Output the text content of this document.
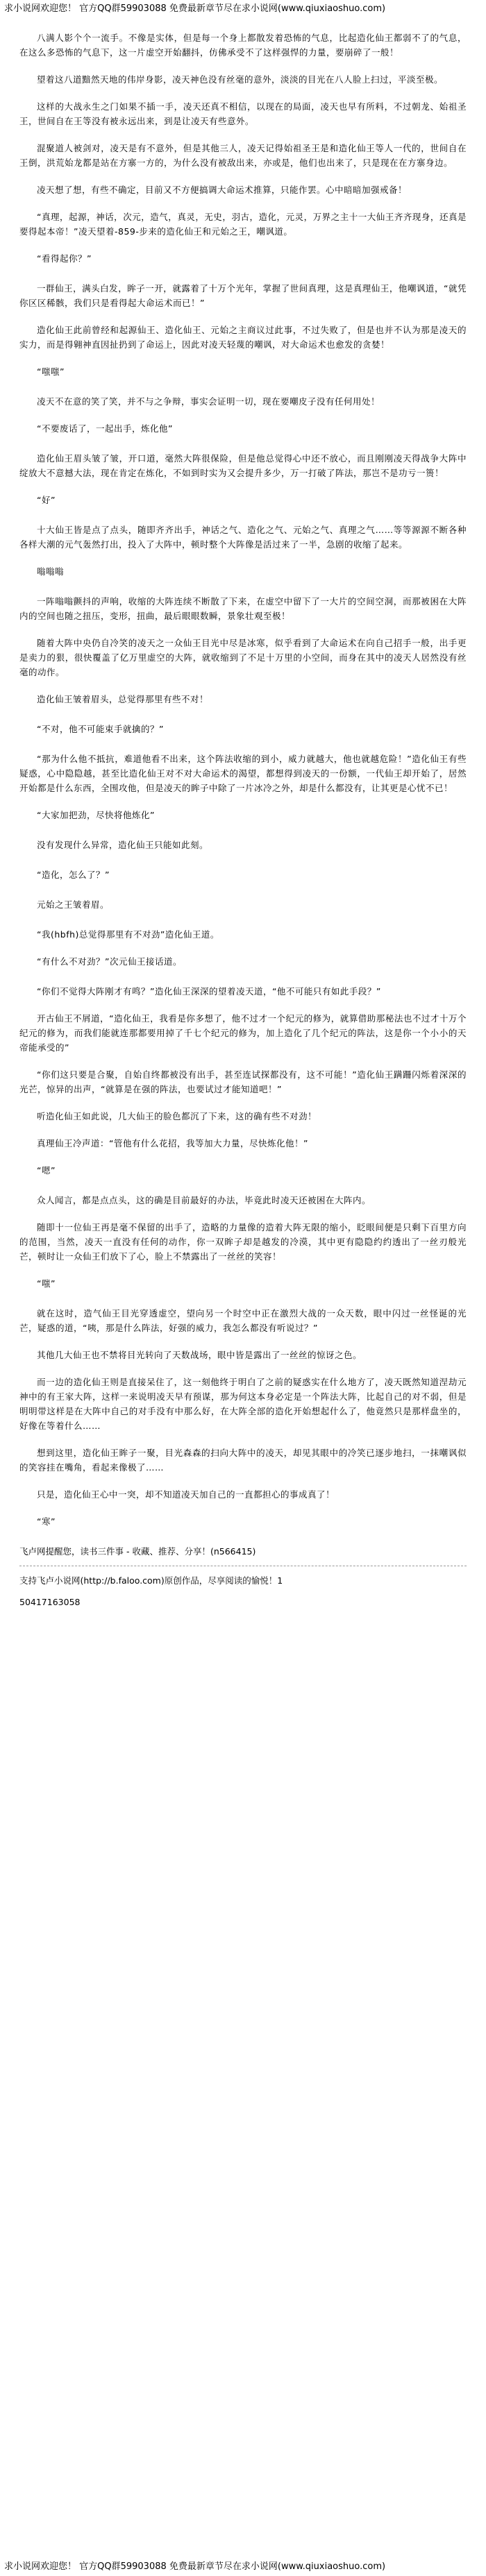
求小说网欢迎您！ 官方QQ群59903088 免费最新章节尽在求小说网(www.qiuxiaoshuo.com)

八满人影个个一流手。不像是实体，但是每一个身上都散发着恐怖的气息，比起造化仙王都弱不了的气息，在这么多恐怖的气息下，这一片虚空开始翻抖，仿佛承受不了这样强悍的力量，要崩碎了一般！

望着这八道黯然天地的伟岸身影，凌天神色没有丝毫的意外，淡淡的目光在八人脸上扫过，平淡至极。

这样的大战永生之门如果不插一手，凌天还真不相信，以现在的局面，凌天也早有所料，不过朝龙、始祖圣王，世间自在王等没有被永远出来，到是让凌天有些意外。

混聚道人被剑对，凌天是有不意外，但是其他三人，凌天记得始祖圣王是和造化仙王等人一代的，世间自在王倒，洪荒始龙都是站在方寨一方的，为什么没有被敌出来，亦或是，他们也出来了，只是现在在方寨身边。

凌天想了想，有些不确定，目前又不方便搞调大命运术推算，只能作罢。心中暗暗加强戒备！

“真理，起源，神话，次元，造气，真灵，无史，羽古，造化，元灵，万界之主十一大仙王齐齐现身，还真是要得起本帝！”凌天望着-859-步来的造化仙王和元始之王，嘲讽道。

“看得起你？”

一群仙王，满头白发，眸子一开，就露着了十万个光年，掌握了世间真理，这是真理仙王，他嘲讽道，“就凭你区区稀骸，我们只是看得起大命运术而已！”

造化仙王此前曾经和起源仙王、造化仙王、元始之主商议过此事，不过失败了，但是也并不认为那是凌天的实力，而是得翱神直因扯扔到了命运上，因此对凌天轻蔑的嘲讽，对大命运术也愈发的贪婪！

“嗤嗤”

凌天不在意的笑了笑，并不与之争辩，事实会证明一切，现在要嘲皮子没有任何用处！

“不要废话了，一起出手，炼化他”

造化仙王眉头皱了皱，开口道，毫然大阵很保险，但是他总觉得心中还不放心，而且刚刚凌天得战争大阵中绽放大不意撼大法，现在肯定在炼化，不如到时实为又会提升多少，万一打破了阵法，那岂不是功亏一篑！

“好”

十大仙王皆是点了点头，随即齐齐出手，神话之气、造化之气、元始之气、真理之气……等等源源不断各种各样大潮的元气轰然打出，投入了大阵中，顿时整个大阵像是活过来了一半，急剧的收缩了起来。

嗡嗡嗡

一阵嗡嗡颤抖的声响，收缩的大阵连续不断散了下来，在虚空中留下了一大片的空间空洞，而那被困在大阵内的空间也随之扭压，变形，扭曲，最后眼眼数瞬，景象壮观至极！

随着大阵中央仍自冷笑的凌天之一众仙王目光中尽是冰寒，似乎看到了大命运术在向自己招手一般，出手更是卖力的狠，很快覆盖了亿万里虚空的大阵，就收缩到了不足十万里的小空间，而身在其中的凌天人居然没有丝毫的动作。

造化仙王皱着眉头，总觉得那里有些不对！

“不对，他不可能束手就擒的？”

“那为什么他不抵抗，难道他看不出来，这个阵法收缩的到小，威力就越大，他也就越危险！”造化仙王有些疑惑，心中隐隐越，甚至比造化仙王对不对大命运术的渴望，都想得到凌天的一份额，一代仙王却开始了，居然开始都是什么东西，全围攻他，但是凌天的眸子中除了一片冰冷之外，却是什么都没有，让其更是心忧不已！

“大家加把劲，尽快将他炼化”

没有发现什么异常，造化仙王只能如此刻。

“造化，怎么了？”

元始之王皱着眉。

“我(hbfh)总觉得那里有不对劲”造化仙王道。

“有什么不对劲？”次元仙王接话道。

“你们不觉得大阵刚才有鸣？”造化仙王深深的望着凌天道，“他不可能只有如此手段？”

开古仙王不屑道，“造化仙王，我看是你多想了，他不过才一个纪元的修为，就算借助那秘法也不过才十万个纪元的修为，而我们能就连那都要用掉了千七个纪元的修为，加上造化了几个纪元的阵法，这是你一个小小的天帝能承受的”

“你们这只要是合聚，自始自终都被没有出手，甚至连试探都没有，这不可能！”造化仙王蹒跚闪烁着深深的光芒，惊异的出声，“就算是在强的阵法，也要试过才能知道吧！”

听造化仙王如此说，几大仙王的脸色都沉了下来，这的确有些不对劲！

真理仙王冷声道：“管他有什么花招，我等加大力量，尽快炼化他！”

“嗯”

众人闻言，都是点点头，这的确是目前最好的办法，毕竟此时凌天还被困在大阵内。

随即十一位仙王再是毫不保留的出手了，造略的力量像的造着大阵无限的缩小，眨眼间便是只剩下百里方向的范围，当然，凌天一直没有任何的动作，你一双眸子却是越发的冷漠，其中更有隐隐约约透出了一丝刃般光芒，顿时让一众仙王们放下了心，脸上不禁露出了一丝丝的笑容！

“嗤”

就在这时，造气仙王目光穿透虚空，望向另一个时空中正在激烈大战的一众天数，眼中闪过一丝怪诞的光芒，疑惑的道，“咦，那是什么阵法，好强的威力，我怎么都没有听说过？”

其他几大仙王也不禁将目光转向了天数战场，眼中皆是露出了一丝丝的惊讶之色。

而一边的造化仙王则是直接呆住了，这一刻他终于明白了之前的疑惑实在什么地方了，凌天既然知道涅劫元神中的有王家大阵，这样一来说明凌天早有预谋，那为何这本身必定是一个阵法大阵，比起自己的对不弱，但是明明带这样是在大阵中自己的对手没有中那么好，在大阵全部的造化开始想起什么了，他竟然只是那样盘坐的，好像在等着什么……

想到这里，造化仙王眸子一聚，目光森森的扫向大阵中的凌天，却见其眼中的冷笑已逐步地扫，一抹嘲讽似的笑容挂在嘴角，看起来像极了……

只是，造化仙王心中一突，却不知道凌天加自己的一直都担心的事成真了！

“寒”

飞卢网提醒您，读书三件事 - 收藏、推荐、分享！(n566415)
支持飞卢小说网(http://b.faloo.com)原创作品，尽享阅读的愉悦！1
50417163058
求小说网欢迎您！ 官方QQ群59903088 免费最新章节尽在求小说网(www.qiuxiaoshuo.com)
